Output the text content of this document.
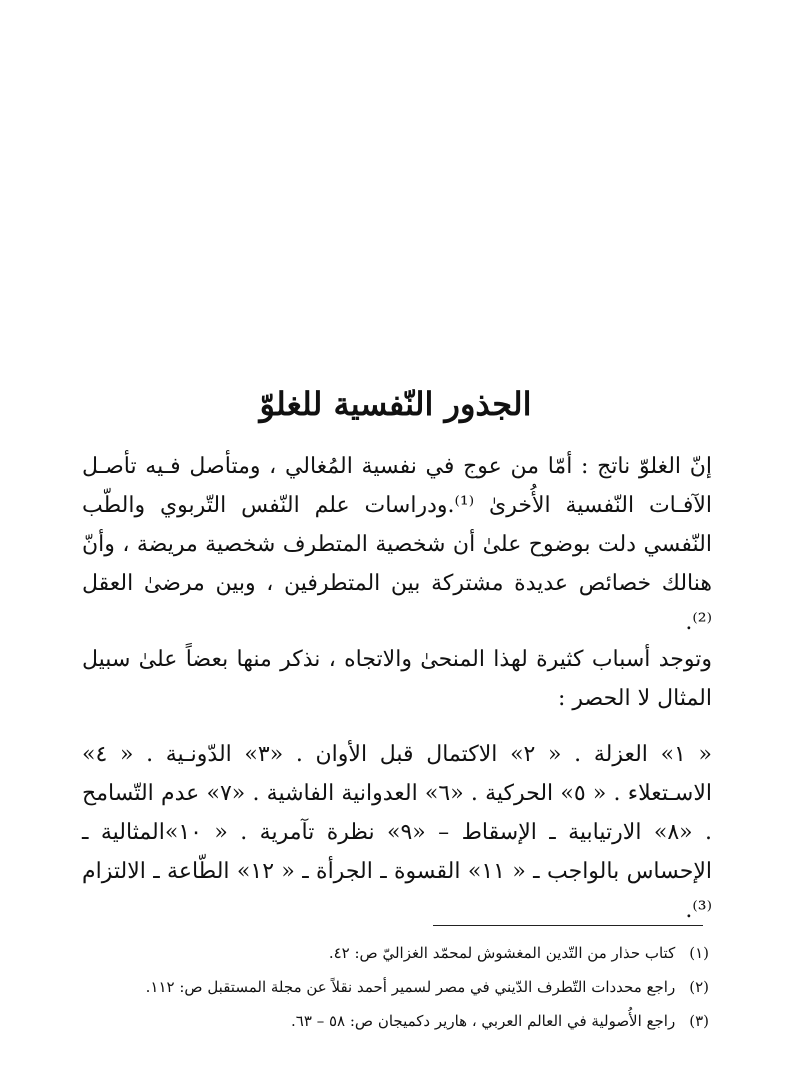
الجذور النّفسية للغلوّ

إنّ الغلوّ ناتج : أمّا من عوج في نفسية المُغالي ، ومتأصل فـيه تأصـل الآفـات النّفسية الأُخرىٰ ⁽¹⁾.ودراسات علم النّفس التّربوي والطّب النّفسي دلت بوضوح علىٰ أن شخصية المتطرف شخصية مريضة ، وأنّ هنالك خصائص عديدة مشتركة بين المتطرفين ، وبين مرضىٰ العقل ⁽²⁾.

وتوجد أسباب كثيرة لهذا المنحىٰ والاتجاه ، نذكر منها بعضاً علىٰ سبيل المثال لا الحصر :

« ١» العزلة . « ٢» الاكتمال قبل الأوان . «٣» الدّونـية . « ٤» الاسـتعلاء . « ٥» الحركية . «٦» العدوانية الفاشية . «٧» عدم التّسامح . «٨» الارتيابية ـ الإسقاط – «٩» نظرة تآمرية . « ١٠»المثالية ـ الإحساس بالواجب ـ « ١١» القسوة ـ الجرأة ـ « ١٢» الطّاعة ـ الالتزام ⁽³⁾.

(١)كتاب حذار من التّدين المغشوش لمحمّد الغزاليّ ص: ٤٢.
(٢)راجع محددات التّطرف الدّيني في مصر لسمير أحمد نقلاً عن مجلة المستقبل ص: ١١٢.
(٣)راجع الأُصولية في العالم العربي ، هارير دكميجان ص: ٥٨ – ٦٣.
